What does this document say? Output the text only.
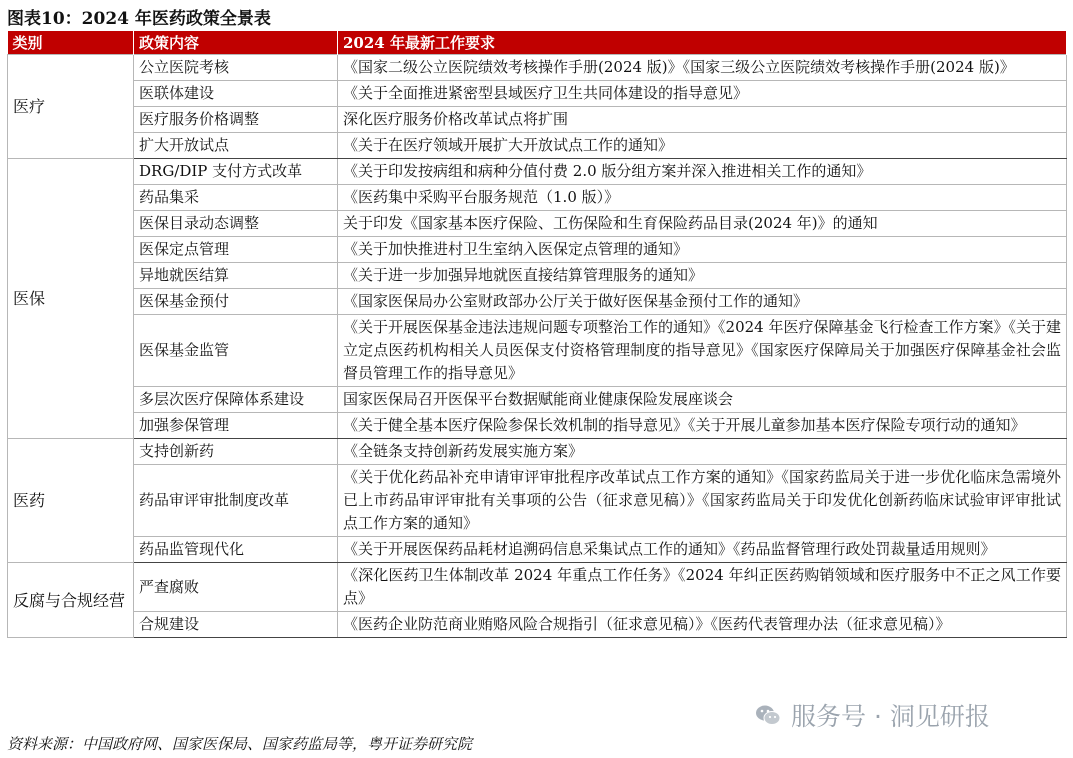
图表10：2024 年医药政策全景表
类别	政策内容	2024 年最新工作要求
医疗	公立医院考核	《国家二级公立医院绩效考核操作手册(2024 版)》《国家三级公立医院绩效考核操作手册(2024 版)》
	医联体建设	《关于全面推进紧密型县域医疗卫生共同体建设的指导意见》
	医疗服务价格调整	深化医疗服务价格改革试点将扩围
	扩大开放试点	《关于在医疗领域开展扩大开放试点工作的通知》
医保	DRG/DIP 支付方式改革	《关于印发按病组和病种分值付费 2.0 版分组方案并深入推进相关工作的通知》
	药品集采	《医药集中采购平台服务规范（1.0 版）》
	医保目录动态调整	关于印发《国家基本医疗保险、工伤保险和生育保险药品目录(2024 年)》的通知
	医保定点管理	《关于加快推进村卫生室纳入医保定点管理的通知》
	异地就医结算	《关于进一步加强异地就医直接结算管理服务的通知》
	医保基金预付	《国家医保局办公室财政部办公厅关于做好医保基金预付工作的通知》
	医保基金监管	《关于开展医保基金违法违规问题专项整治工作的通知》《2024 年医疗保障基金飞行检查工作方案》《关于建立定点医药机构相关人员医保支付资格管理制度的指导意见》《国家医疗保障局关于加强医疗保障基金社会监督员管理工作的指导意见》
	多层次医疗保障体系建设	国家医保局召开医保平台数据赋能商业健康保险发展座谈会
	加强参保管理	《关于健全基本医疗保险参保长效机制的指导意见》《关于开展儿童参加基本医疗保险专项行动的通知》
医药	支持创新药	《全链条支持创新药发展实施方案》
	药品审评审批制度改革	《关于优化药品补充申请审评审批程序改革试点工作方案的通知》《国家药监局关于进一步优化临床急需境外已上市药品审评审批有关事项的公告（征求意见稿）》《国家药监局关于印发优化创新药临床试验审评审批试点工作方案的通知》
	药品监管现代化	《关于开展医保药品耗材追溯码信息采集试点工作的通知》《药品监督管理行政处罚裁量适用规则》
反腐与合规经营	严查腐败	《深化医药卫生体制改革 2024 年重点工作任务》《2024 年纠正医药购销领域和医疗服务中不正之风工作要点》
	合规建设	《医药企业防范商业贿赂风险合规指引（征求意见稿）》《医药代表管理办法（征求意见稿）》
服务号 · 洞见研报
资料来源：中国政府网、国家医保局、国家药监局等，粤开证券研究院
